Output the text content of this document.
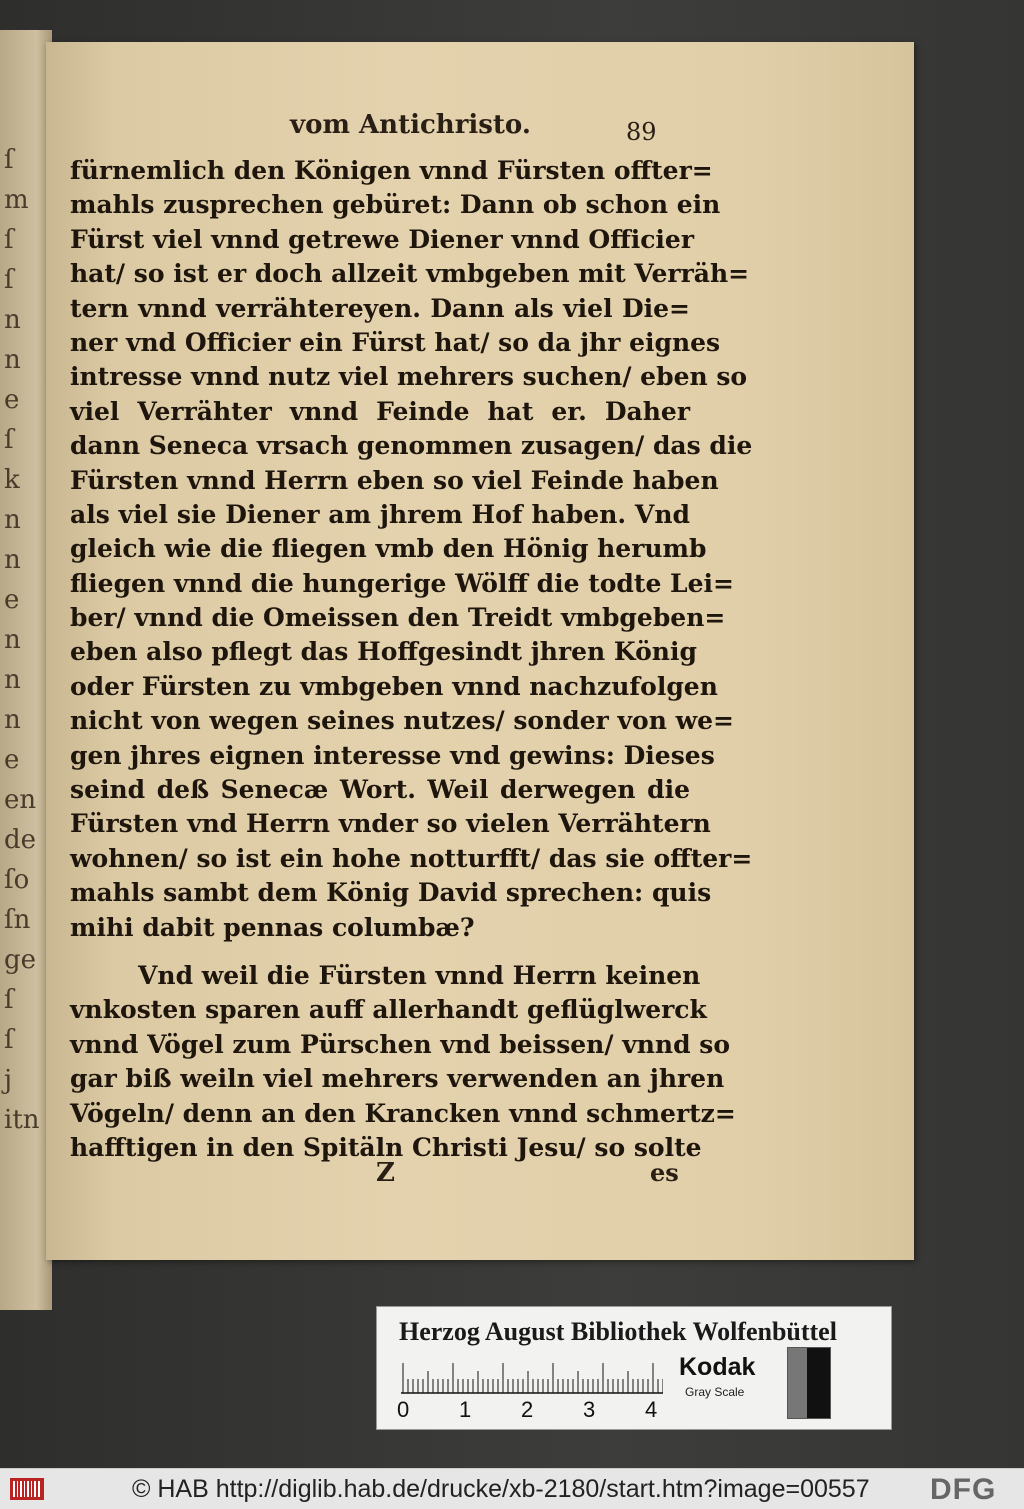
ſ
m
ſ
ſ
n
n
e
ſ
k
n
n
e
n
n
n
e
en
de
ſo
ſn
ge
ſ
ſ
j
itn
vom Antichristo.	89
fürnemlich den Königen vnnd Fürsten offter=
mahls zusprechen gebüret: Dann ob schon ein
Fürst viel vnnd getrewe Diener vnnd Officier
hat/ so ist er doch allzeit vmbgeben mit Verräh=
tern vnnd verrähtereyen. Dann als viel Die=
ner vnd Officier ein Fürst hat/ so da jhr eignes
intresse vnnd nutz viel mehrers suchen/ eben so
viel Verrähter vnnd Feinde hat er. Daher
dann Seneca vrsach genommen zusagen/ das die
Fürsten vnnd Herrn eben so viel Feinde haben
als viel sie Diener am jhrem Hof haben. Vnd
gleich wie die fliegen vmb den Hönig herumb
fliegen vnnd die hungerige Wölff die todte Lei=
ber/ vnnd die Omeissen den Treidt vmbgeben=
eben also pflegt das Hoffgesindt jhren König
oder Fürsten zu vmbgeben vnnd nachzufolgen
nicht von wegen seines nutzes/ sonder von we=
gen jhres eignen interesse vnd gewins: Dieses
seind deß Senecæ Wort. Weil derwegen die
Fürsten vnd Herrn vnder so vielen Verrähtern
wohnen/ so ist ein hohe notturfft/ das sie offter=
mahls sambt dem König David sprechen: quis
mihi dabit pennas columbæ?
Vnd weil die Fürsten vnnd Herrn keinen
vnkosten sparen auff allerhandt geflüglwerck
vnnd Vögel zum Pürschen vnd beissen/ vnnd so
gar biß weiln viel mehrers verwenden an jhren
Vögeln/ denn an den Krancken vnnd schmertz=
hafftigen in den Spitäln Christi Jesu/ so solte
Z	es
Herzog August Bibliothek Wolfenbüttel
0 1 2 3 4
Kodak
Gray Scale
© HAB http://diglib.hab.de/drucke/xb-2180/start.htm?image=00557 DFG
